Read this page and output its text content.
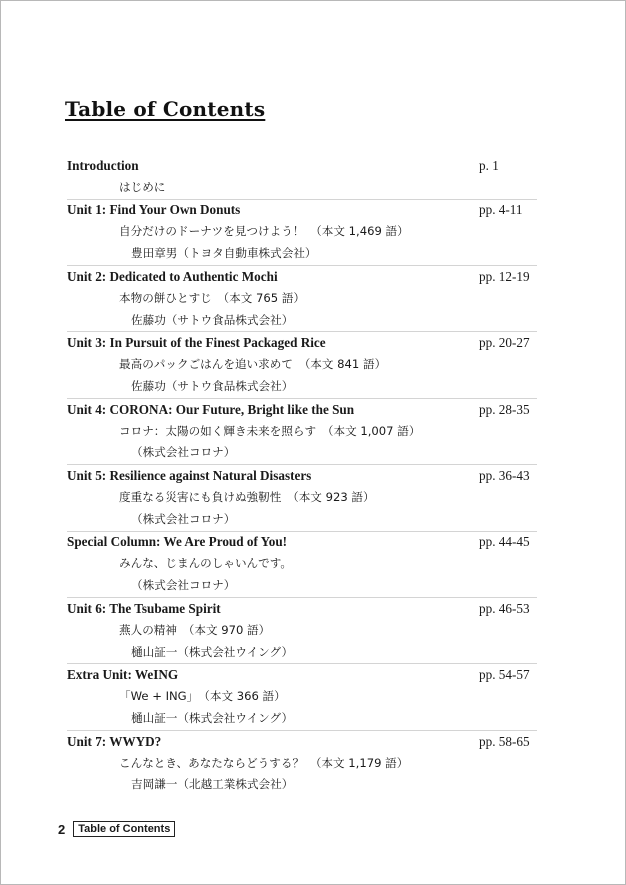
Table of Contents
Introduction	p. 1
はじめに
Unit 1: Find Your Own Donuts	pp. 4-11
自分だけのドーナツを見つけよう！　（本文 1,469 語）
豊田章男（トヨタ自動車株式会社）
Unit 2: Dedicated to Authentic Mochi	pp. 12-19
本物の餅ひとすじ　（本文 765 語）
佐藤功（サトウ食品株式会社）
Unit 3: In Pursuit of the Finest Packaged Rice	pp. 20-27
最高のパックごはんを追い求めて　（本文 841 語）
佐藤功（サトウ食品株式会社）
Unit 4: CORONA: Our Future, Bright like the Sun	pp. 28-35
コロナ：太陽の如く輝き未来を照らす　（本文 1,007 語）
（株式会社コロナ）
Unit 5: Resilience against Natural Disasters	pp. 36-43
度重なる災害にも負けぬ強靭性　（本文 923 語）
（株式会社コロナ）
Special Column: We Are Proud of You!	pp. 44-45
みんな、じまんのしゃいんです。
（株式会社コロナ）
Unit 6: The Tsubame Spirit	pp. 46-53
燕人の精神　（本文 970 語）
樋山証一（株式会社ウイング）
Extra Unit: WeING	pp. 54-57
「We + ING」　（本文 366 語）
樋山証一（株式会社ウイング）
Unit 7: WWYD?	pp. 58-65
こんなとき、あなたならどうする？　（本文 1,179 語）
吉岡謙一（北越工業株式会社）
2	Table of Contents
